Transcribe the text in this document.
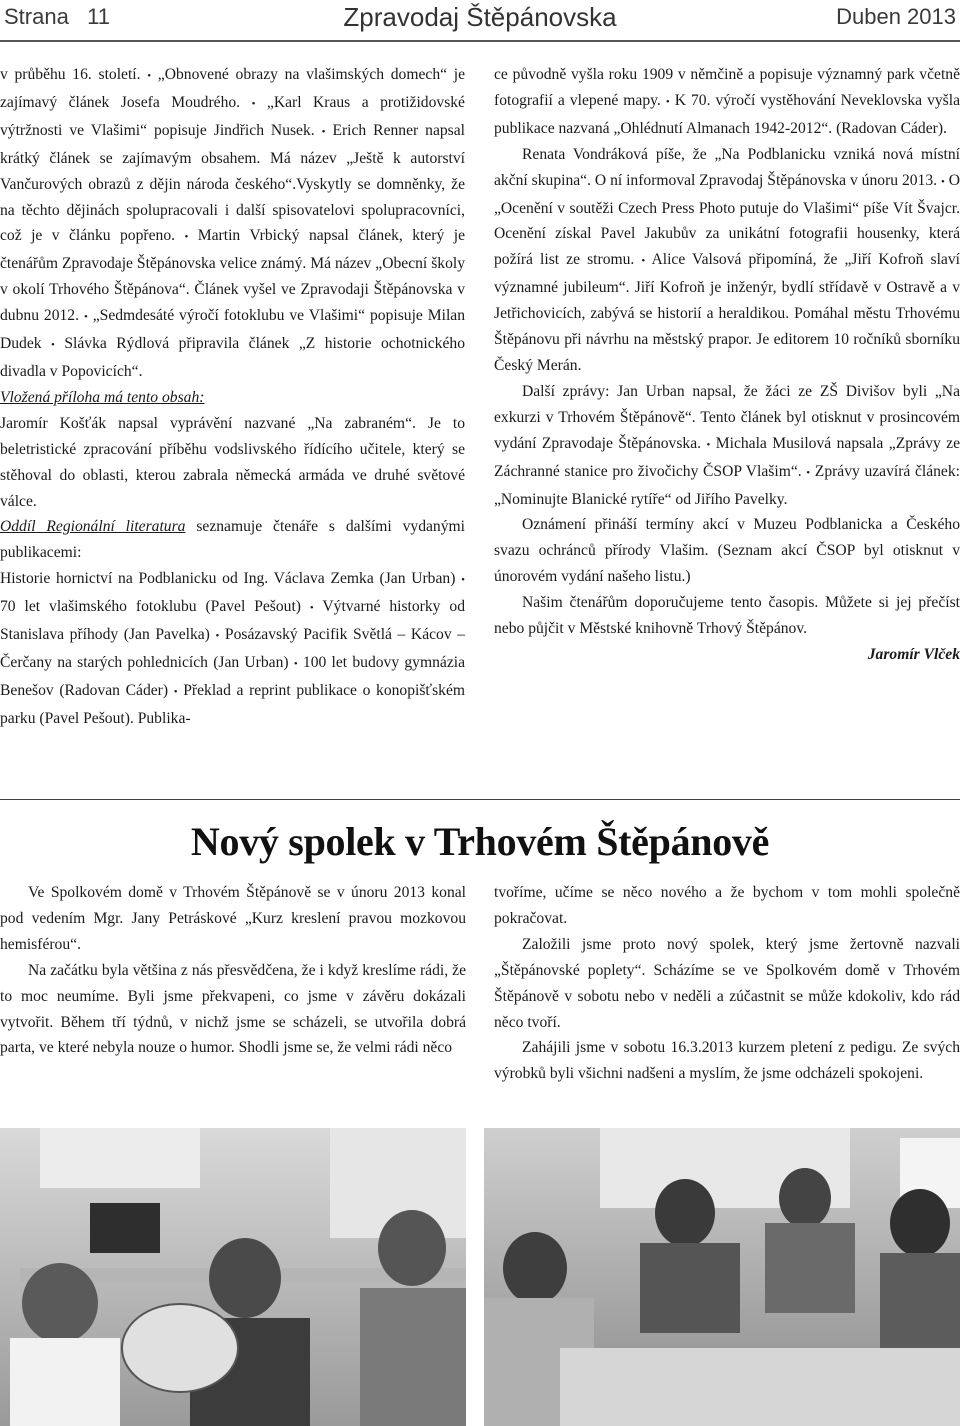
Strana   11	Zpravodaj Štěpánovska	Duben 2013

v průběhu 16. století. • „Obnovené obrazy na vlašimských domech“ je zajímavý článek Josefa Moudrého. • „Karl Kraus a protižidovské výtržnosti ve Vlašimi“ popisuje Jindřich Nusek. • Erich Renner napsal krátký článek se zajímavým obsahem. Má název „Ještě k autorství Vančurových obrazů z dějin národa českého“.Vyskytly se domněnky, že na těchto dějinách spolupracovali i další spisovatelovi spolupracovníci, což je v článku popřeno. • Martin Vrbický napsal článek, který je čtenářům Zpravodaje Štěpánovska velice známý. Má název „Obecní školy v okolí Trhového Štěpánova“. Článek vyšel ve Zpravodaji Štěpánovska v dubnu 2012. • „Sedmdesáté výročí fotoklubu ve Vlašimi“ popisuje Milan Dudek • Slávka Rýdlová připravila článek „Z historie ochotnického divadla v Popovicích“.

Vložená příloha má tento obsah:

Jaromír Košťák napsal vyprávění nazvané „Na zabraném“. Je to beletristické zpracování příběhu vodslivského řídícího učitele, který se stěhoval do oblasti, kterou zabrala německá armáda ve druhé světové válce.

Oddíl Regionální literatura seznamuje čtenáře s dalšími vydanými publikacemi:

Historie hornictví na Podblanicku od Ing. Václava Zemka (Jan Urban) • 70 let vlašimského fotoklubu (Pavel Pešout) • Výtvarné historky od Stanislava příhody (Jan Pavelka) • Posázavský Pacifik Světlá – Kácov – Čerčany na starých pohlednicích (Jan Urban) • 100 let budovy gymnázia Benešov (Radovan Cáder) • Překlad a reprint publikace o konopišťském parku (Pavel Pešout). Publika-

ce původně vyšla roku 1909 v němčině a popisuje významný park včetně fotografií a vlepené mapy. • K 70. výročí vystěhování Neveklovska vyšla publikace nazvaná „Ohlédnutí Almanach 1942-2012“. (Radovan Cáder).

Renata Vondráková píše, že „Na Podblanicku vzniká nová místní akční skupina“. O ní informoval Zpravodaj Štěpánovska v únoru 2013. • O „Ocenění v soutěži Czech Press Photo putuje do Vlašimi“ píše Vít Švajcr. Ocenění získal Pavel Jakubův za unikátní fotografii housenky, která požírá list ze stromu. • Alice Valsová připomíná, že „Jiří Kofroň slaví významné jubileum“. Jiří Kofroň je inženýr, bydlí střídavě v Ostravě a v Jetřichovicích, zabývá se historií a heraldikou. Pomáhal městu Trhovému Štěpánovu při návrhu na městský prapor. Je editorem 10 ročníků sborníku Český Merán.

Další zprávy: Jan Urban napsal, že žáci ze ZŠ Divišov byli „Na exkurzi v Trhovém Štěpánově“. Tento článek byl otisknut v prosincovém vydání Zpravodaje Štěpánovska. • Michala Musilová napsala „Zprávy ze Záchranné stanice pro živočichy ČSOP Vlašim“. • Zprávy uzavírá článek: „Nominujte Blanické rytíře“ od Jiřího Pavelky.

Oznámení přináší termíny akcí v Muzeu Podblanicka a Českého svazu ochránců přírody Vlašim. (Seznam akcí ČSOP byl otisknut v únorovém vydání našeho listu.)

Našim čtenářům doporučujeme tento časopis. Můžete si jej přečíst nebo půjčit v Městské knihovně Trhový Štěpánov.

Jaromír Vlček

Nový spolek v Trhovém Štěpánově

Ve Spolkovém domě v Trhovém Štěpánově se v únoru 2013 konal pod vedením Mgr. Jany Petráskové „Kurz kreslení pravou mozkovou hemisférou“.

Na začátku byla většina z nás přesvědčena, že i když kreslíme rádi, že to moc neumíme. Byli jsme překvapeni, co jsme v závěru dokázali vytvořit. Během tří týdnů, v nichž jsme se scházeli, se utvořila dobrá parta, ve které nebyla nouze o humor. Shodli jsme se, že velmi rádi něco

tvoříme, učíme se něco nového a že bychom v tom mohli společně pokračovat.

Založili jsme proto nový spolek, který jsme žertovně nazvali „Štěpánovské poplety“. Scházíme se ve Spolkovém domě v Trhovém Štěpánově v sobotu nebo v neděli a zúčastnit se může kdokoliv, kdo rád něco tvoří.

Zahájili jsme v sobotu 16.3.2013 kurzem pletení z pedigu. Ze svých výrobků byli všichni nadšeni a myslím, že jsme odcházeli spokojeni.
